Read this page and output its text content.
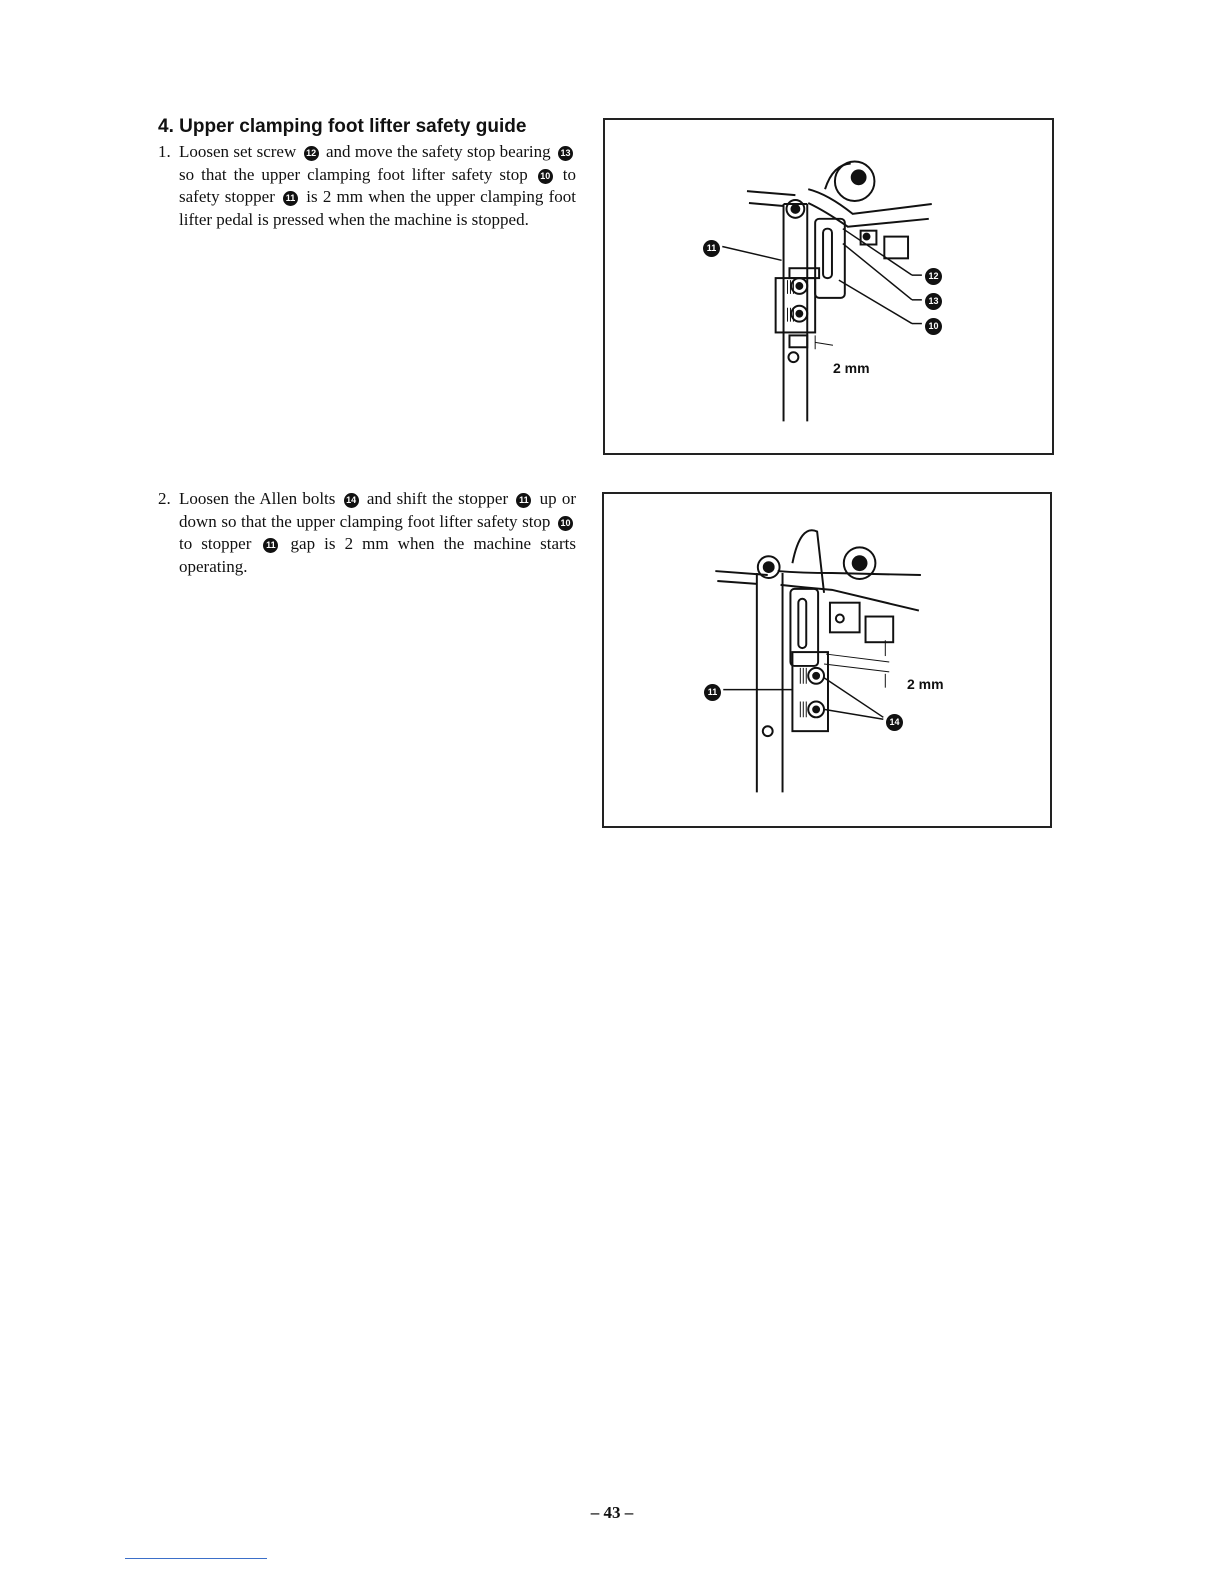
4. Upper clamping foot lifter safety guide

1. Loosen set screw 12 and move the safety stop bearing 13 so that the upper clamping foot lifter safety stop 10 to safety stopper 11 is 2 mm when the upper clamping foot lifter pedal is pressed when the machine is stopped.

2. Loosen the Allen bolts 14 and shift the stopper 11 up or down so that the upper clamping foot lifter safety stop 10 to stopper 11 gap is 2 mm when the machine starts operating.

11
12
13
10
2 mm
11
14
2 mm
– 43 –
